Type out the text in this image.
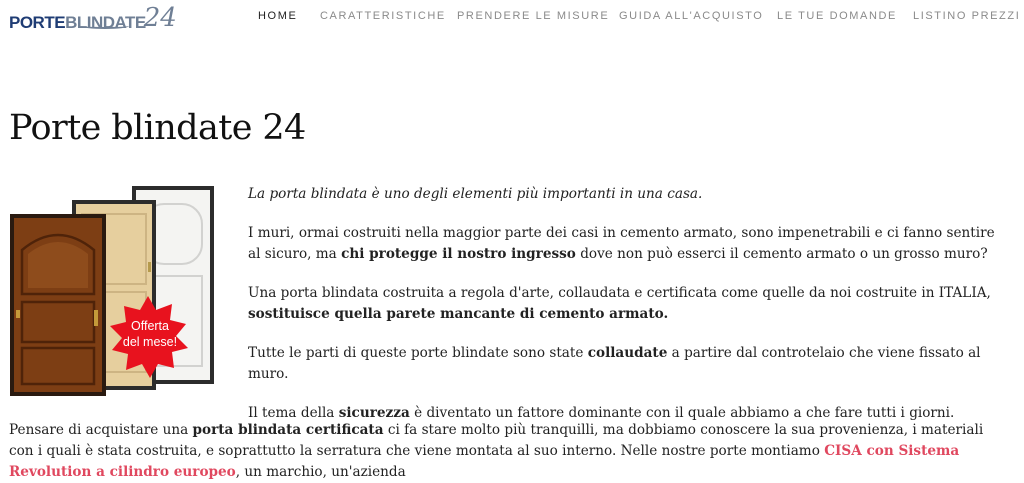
PORTEBLINDATE
24	HOME CARATTERISTICHE PRENDERE LE MISURE GUIDA ALL'ACQUISTO LE TUE DOMANDE LISTINO PREZZI
Porte blindate 24
Offerta
del mese!

La porta blindata è uno degli elementi più importanti in una casa.

I muri, ormai costruiti nella maggior parte dei casi in cemento armato, sono impenetrabili e ci fanno sentire al sicuro, ma chi protegge il nostro ingresso dove non può esserci il cemento armato o un grosso muro?

Una porta blindata costruita a regola d'arte, collaudata e certificata come quelle da noi costruite in ITALIA, sostituisce quella parete mancante di cemento armato.

Tutte le parti di queste porte blindate sono state collaudate a partire dal controtelaio che viene fissato al muro.

Il tema della sicurezza è diventato un fattore dominante con il quale abbiamo a che fare tutti i giorni.

Pensare di acquistare una porta blindata certificata ci fa stare molto più tranquilli, ma dobbiamo conoscere la sua provenienza, i materiali con i quali è stata costruita, e soprattutto la serratura che viene montata al suo interno. Nelle nostre porte montiamo CISA con Sistema Revolution a cilindro europeo, un marchio, un'azienda
